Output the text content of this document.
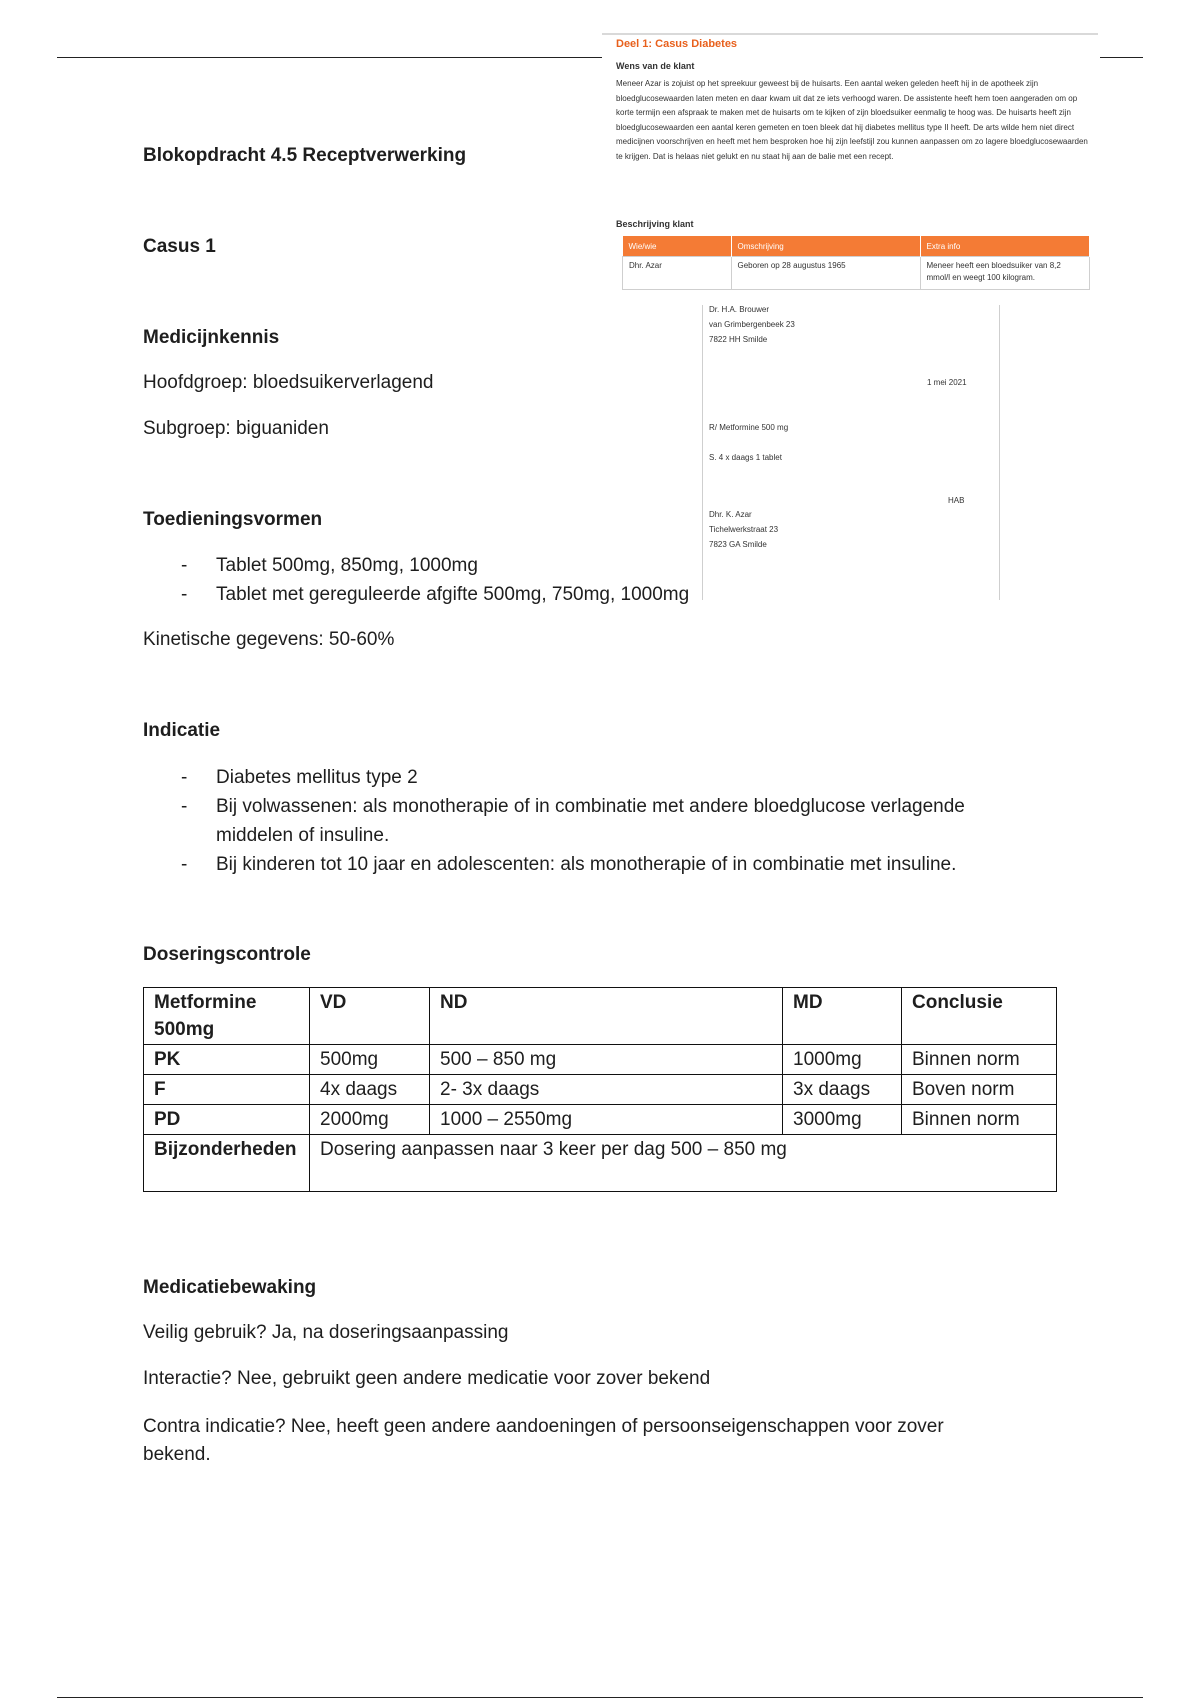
Deel 1: Casus Diabetes
Wens van de klant
Meneer Azar is zojuist op het spreekuur geweest bij de huisarts. Een aantal weken geleden heeft hij in de apotheek zijn bloedglucosewaarden laten meten en daar kwam uit dat ze iets verhoogd waren. De assistente heeft hem toen aangeraden om op korte termijn een afspraak te maken met de huisarts om te kijken of zijn bloedsuiker eenmalig te hoog was. De huisarts heeft zijn bloedglucosewaarden een aantal keren gemeten en toen bleek dat hij diabetes mellitus type II heeft. De arts wilde hem niet direct medicijnen voorschrijven en heeft met hem besproken hoe hij zijn leefstijl zou kunnen aanpassen om zo lagere bloedglucosewaarden te krijgen. Dat is helaas niet gelukt en nu staat hij aan de balie met een recept.
Beschrijving klant
Wie/wie	Omschrijving	Extra info
Dhr. Azar	Geboren op 28 augustus 1965	Meneer heeft een bloedsuiker van 8,2 mmol/l en weegt 100 kilogram.
Dr. H.A. Brouwer
van Grimbergenbeek 23
7822 HH Smilde
1 mei 2021
R/ Metformine 500 mg
S. 4 x daags 1 tablet
HAB
Dhr. K. Azar
Tichelwerkstraat 23
7823 GA Smilde
Blokopdracht 4.5 Receptverwerking
Casus 1
Medicijnkennis
Hoofdgroep: bloedsuikerverlagend
Subgroep: biguaniden
Toedieningsvormen
- Tablet 500mg, 850mg, 1000mg
- Tablet met gereguleerde afgifte 500mg, 750mg, 1000mg
Kinetische gegevens: 50-60%
Indicatie
- Diabetes mellitus type 2
- Bij volwassenen: als monotherapie of in combinatie met andere bloedglucose verlagende middelen of insuline.
- Bij kinderen tot 10 jaar en adolescenten: als monotherapie of in combinatie met insuline.
Doseringscontrole
Metformine 500mg	VD	ND	MD	Conclusie
PK	500mg	500 – 850 mg	1000mg	Binnen norm
F	4x daags	2- 3x daags	3x daags	Boven norm
PD	2000mg	1000 – 2550mg	3000mg	Binnen norm
Bijzonderheden	Dosering aanpassen naar 3 keer per dag 500 – 850 mg			
Medicatiebewaking
Veilig gebruik? Ja, na doseringsaanpassing
Interactie? Nee, gebruikt geen andere medicatie voor zover bekend
Contra indicatie? Nee, heeft geen andere aandoeningen of persoonseigenschappen voor zover bekend.
